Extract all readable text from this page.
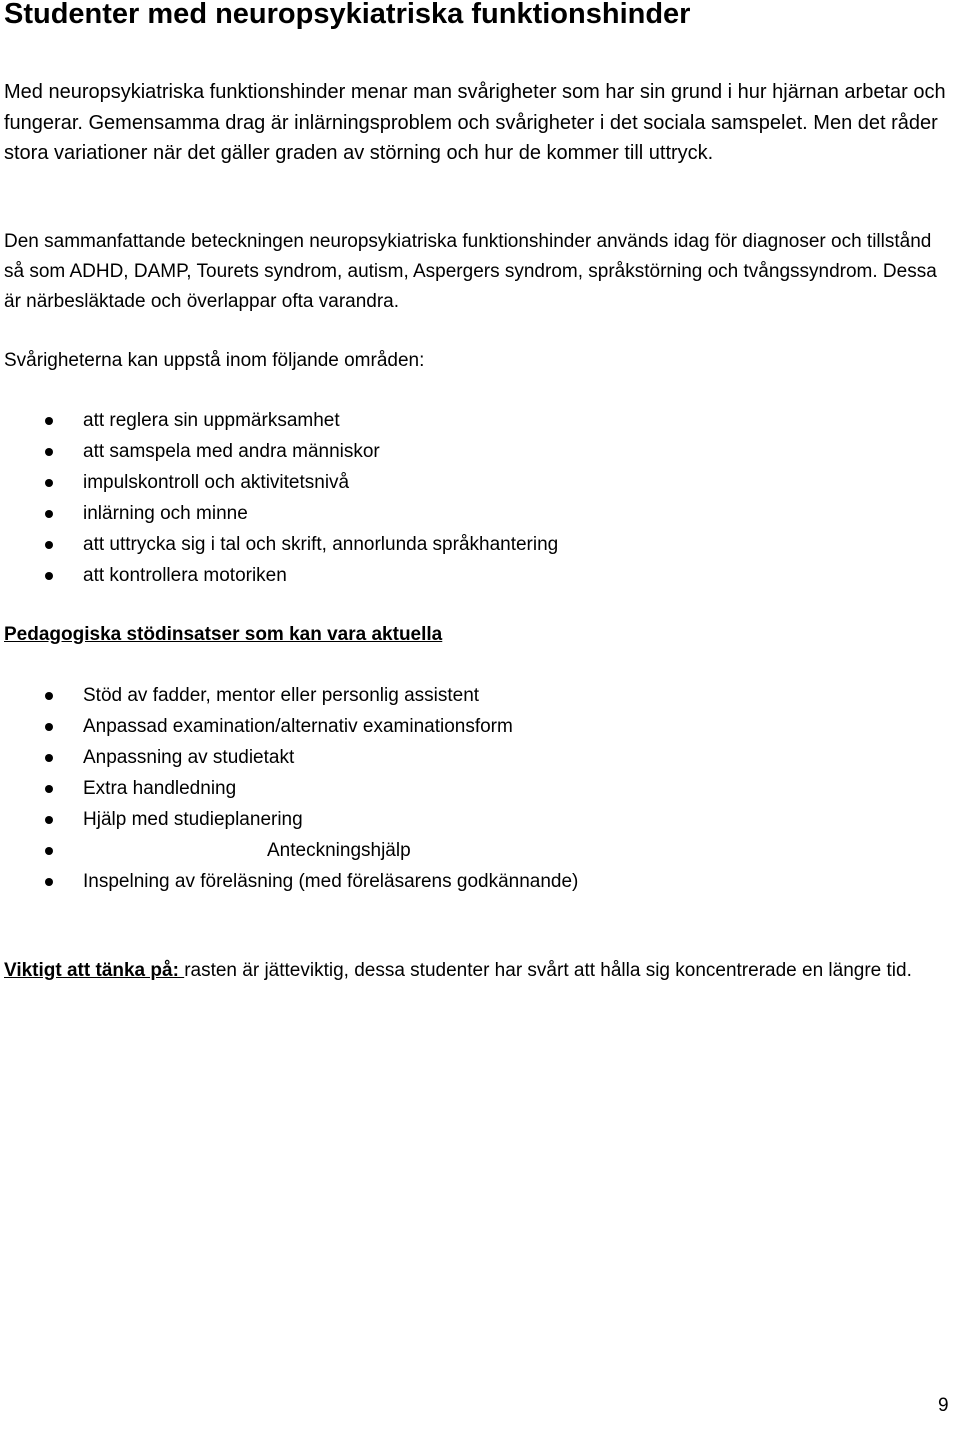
Studenter med neuropsykiatriska funktionshinder

Med neuropsykiatriska funktionshinder menar man svårigheter som har sin grund i hur hjärnan arbetar och fungerar. Gemensamma drag är inlärningsproblem och svårigheter i det sociala samspelet. Men det råder stora variationer när det gäller graden av störning och hur de kommer till uttryck.

Den sammanfattande beteckningen neuropsykiatriska funktionshinder används idag för diagnoser och tillstånd så som ADHD, DAMP, Tourets syndrom, autism, Aspergers syndrom, språkstörning och tvångssyndrom. Dessa är närbesläktade och överlappar ofta varandra.

Svårigheterna kan uppstå inom följande områden:

att reglera sin uppmärksamhet
att samspela med andra människor
impulskontroll och aktivitetsnivå
inlärning och minne
att uttrycka sig i tal och skrift, annorlunda språkhantering
att kontrollera motoriken
Pedagogiska stödinsatser som kan vara aktuella
Stöd av fadder, mentor eller personlig assistent
Anpassad examination/alternativ examinationsform
Anpassning av studietakt
Extra handledning
Hjälp med studieplanering
Anteckningshjälp
Inspelning av föreläsning (med föreläsarens godkännande)

Viktigt att tänka på: rasten är jätteviktig, dessa studenter har svårt att hålla sig koncentrerade en längre tid.

9
